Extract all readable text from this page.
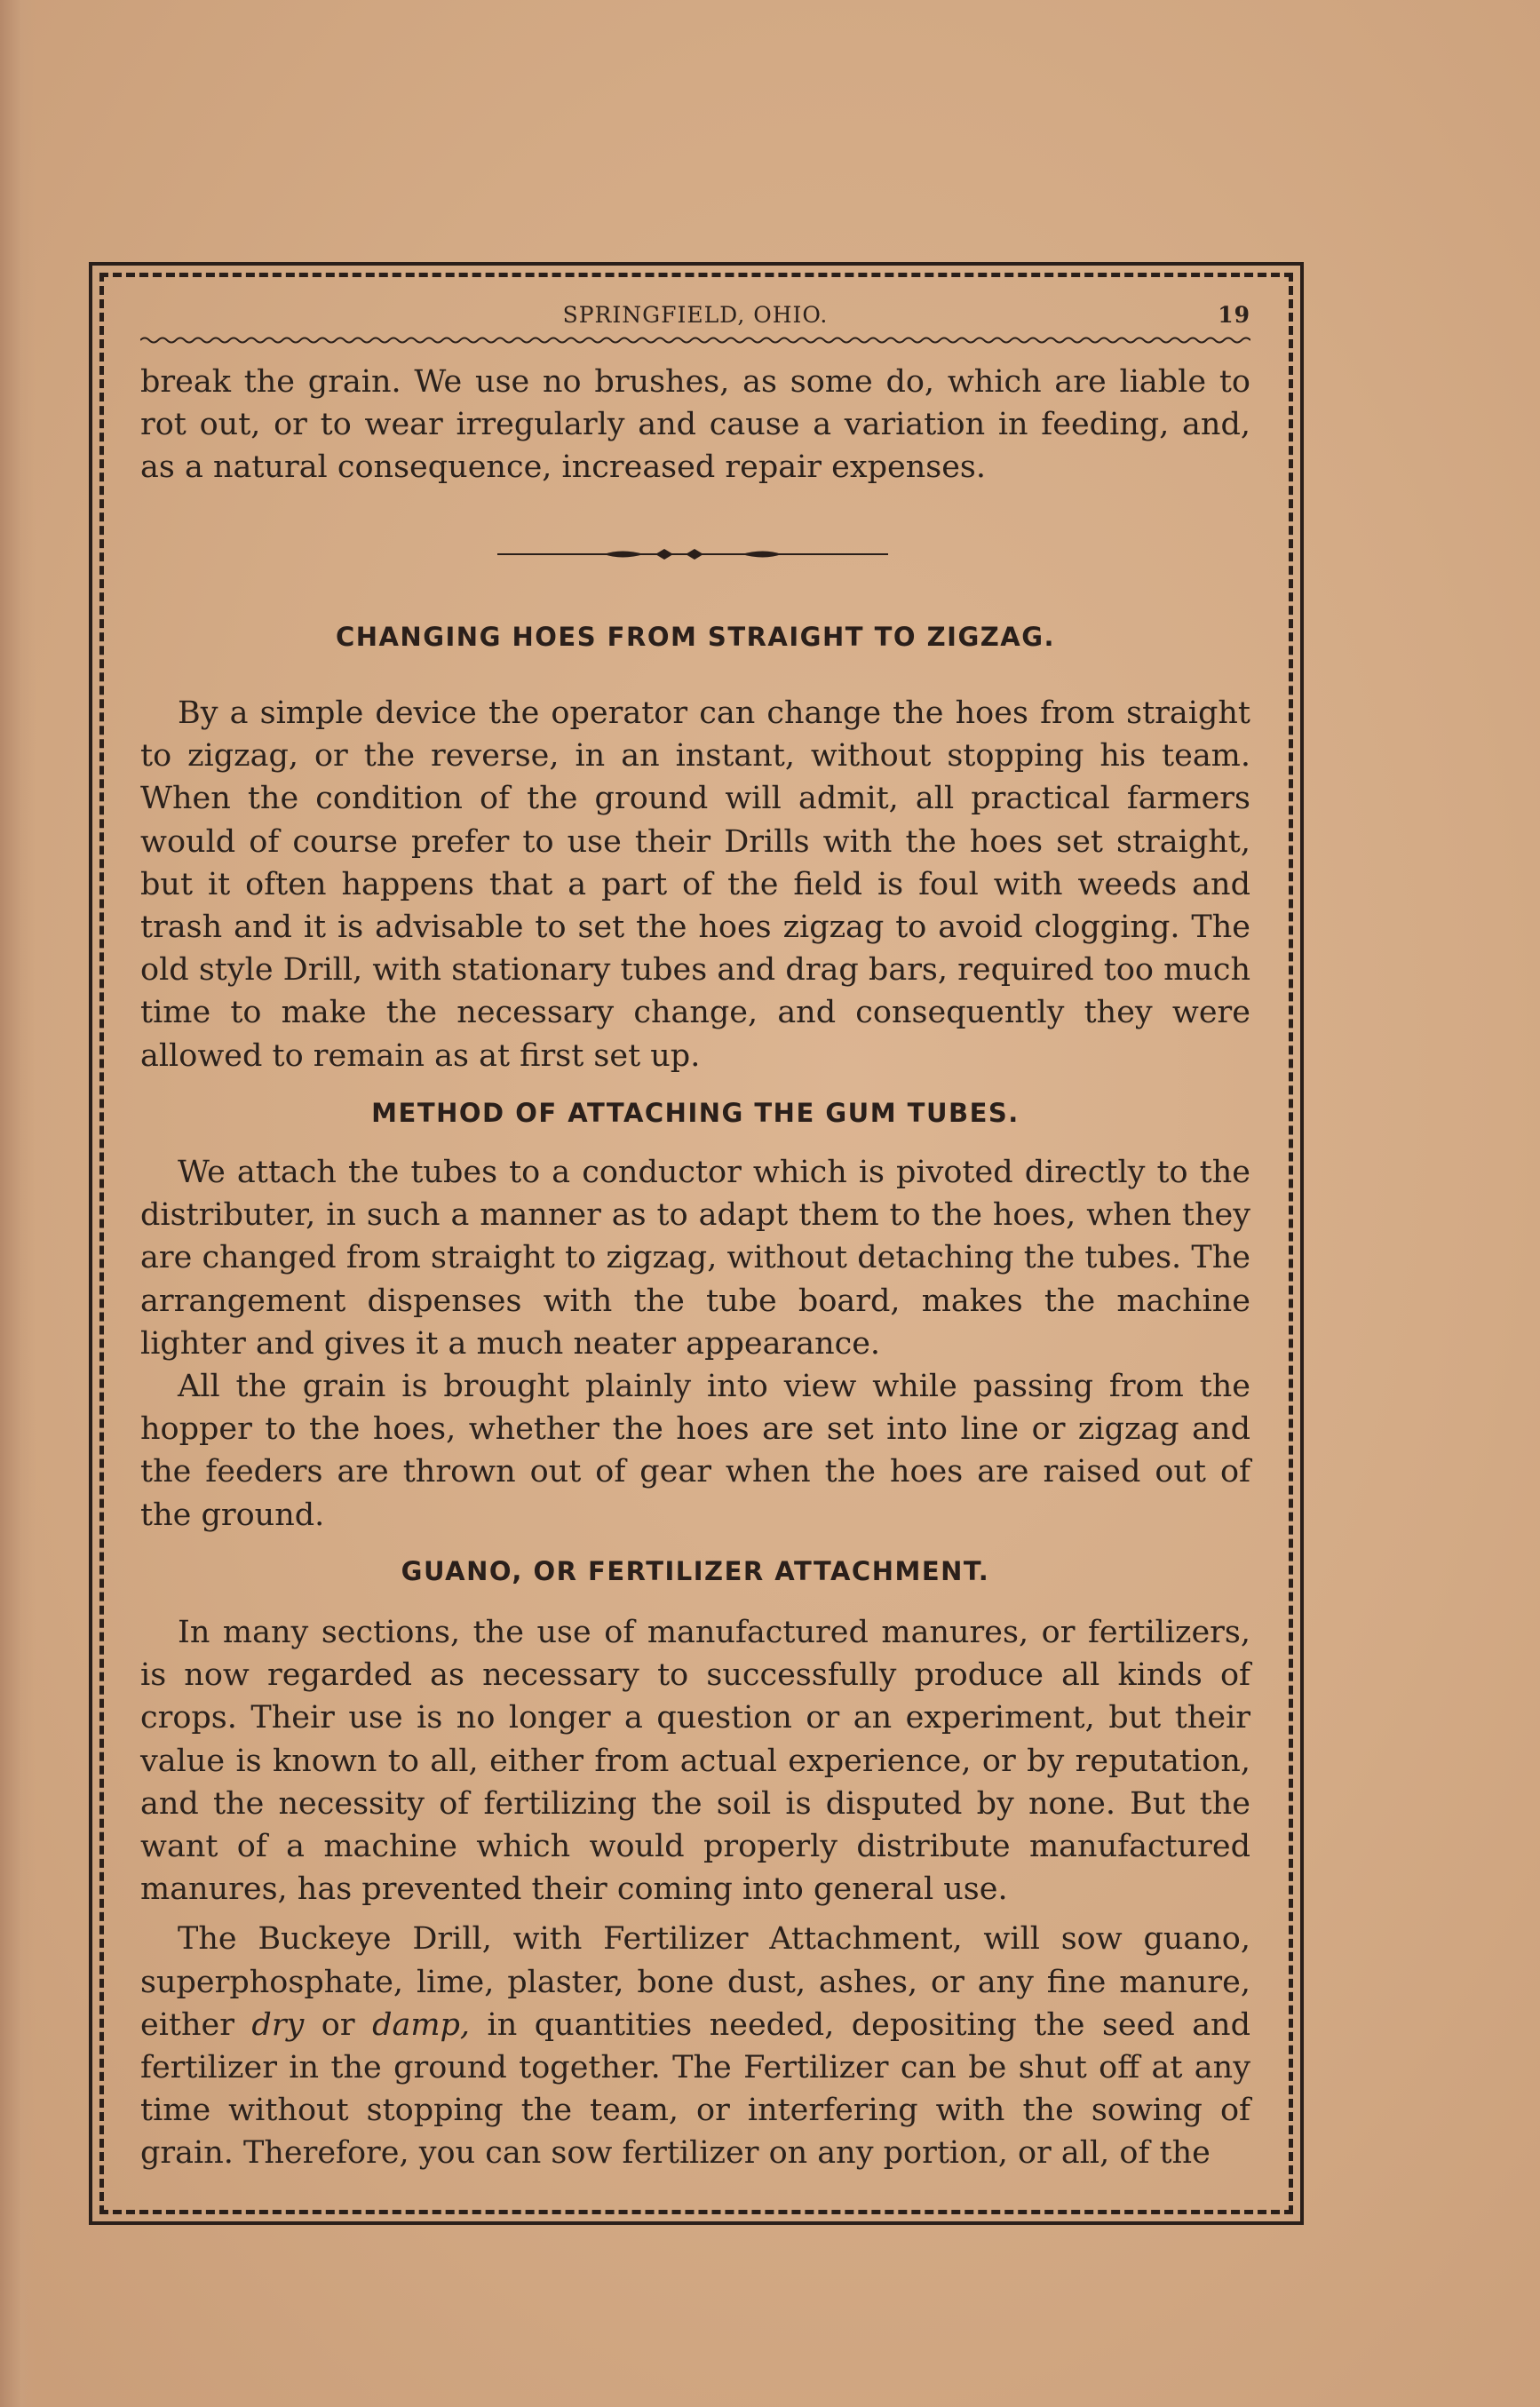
SPRINGFIELD, OHIO.	19

break the grain. We use no brushes, as some do, which are liable to rot out, or to wear irregularly and cause a variation in feeding, and, as a natural consequence, increased repair expenses.

CHANGING HOES FROM STRAIGHT TO ZIGZAG.

By a simple device the operator can change the hoes from straight to zigzag, or the reverse, in an instant, without stopping his team. When the condition of the ground will admit, all practical farmers would of course prefer to use their Drills with the hoes set straight, but it often happens that a part of the field is foul with weeds and trash and it is advisable to set the hoes zigzag to avoid clogging. The old style Drill, with stationary tubes and drag bars, required too much time to make the necessary change, and consequently they were allowed to remain as at first set up.

METHOD OF ATTACHING THE GUM TUBES.

We attach the tubes to a conductor which is pivoted directly to the distributer, in such a manner as to adapt them to the hoes, when they are changed from straight to zigzag, without detaching the tubes. The arrangement dispenses with the tube board, makes the machine lighter and gives it a much neater appearance.

All the grain is brought plainly into view while passing from the hopper to the hoes, whether the hoes are set into line or zigzag and the feeders are thrown out of gear when the hoes are raised out of the ground.

GUANO, OR FERTILIZER ATTACHMENT.

In many sections, the use of manufactured manures, or fertilizers, is now regarded as necessary to successfully produce all kinds of crops. Their use is no longer a question or an experiment, but their value is known to all, either from actual experience, or by reputation, and the necessity of fertilizing the soil is disputed by none. But the want of a machine which would properly distribute manufactured manures, has prevented their coming into general use.

The Buckeye Drill, with Fertilizer Attachment, will sow guano, superphosphate, lime, plaster, bone dust, ashes, or any fine manure, either dry or damp, in quantities needed, depositing the seed and fertilizer in the ground together. The Fertilizer can be shut off at any time without stopping the team, or interfering with the sowing of grain. Therefore, you can sow fertilizer on any portion, or all, of the
